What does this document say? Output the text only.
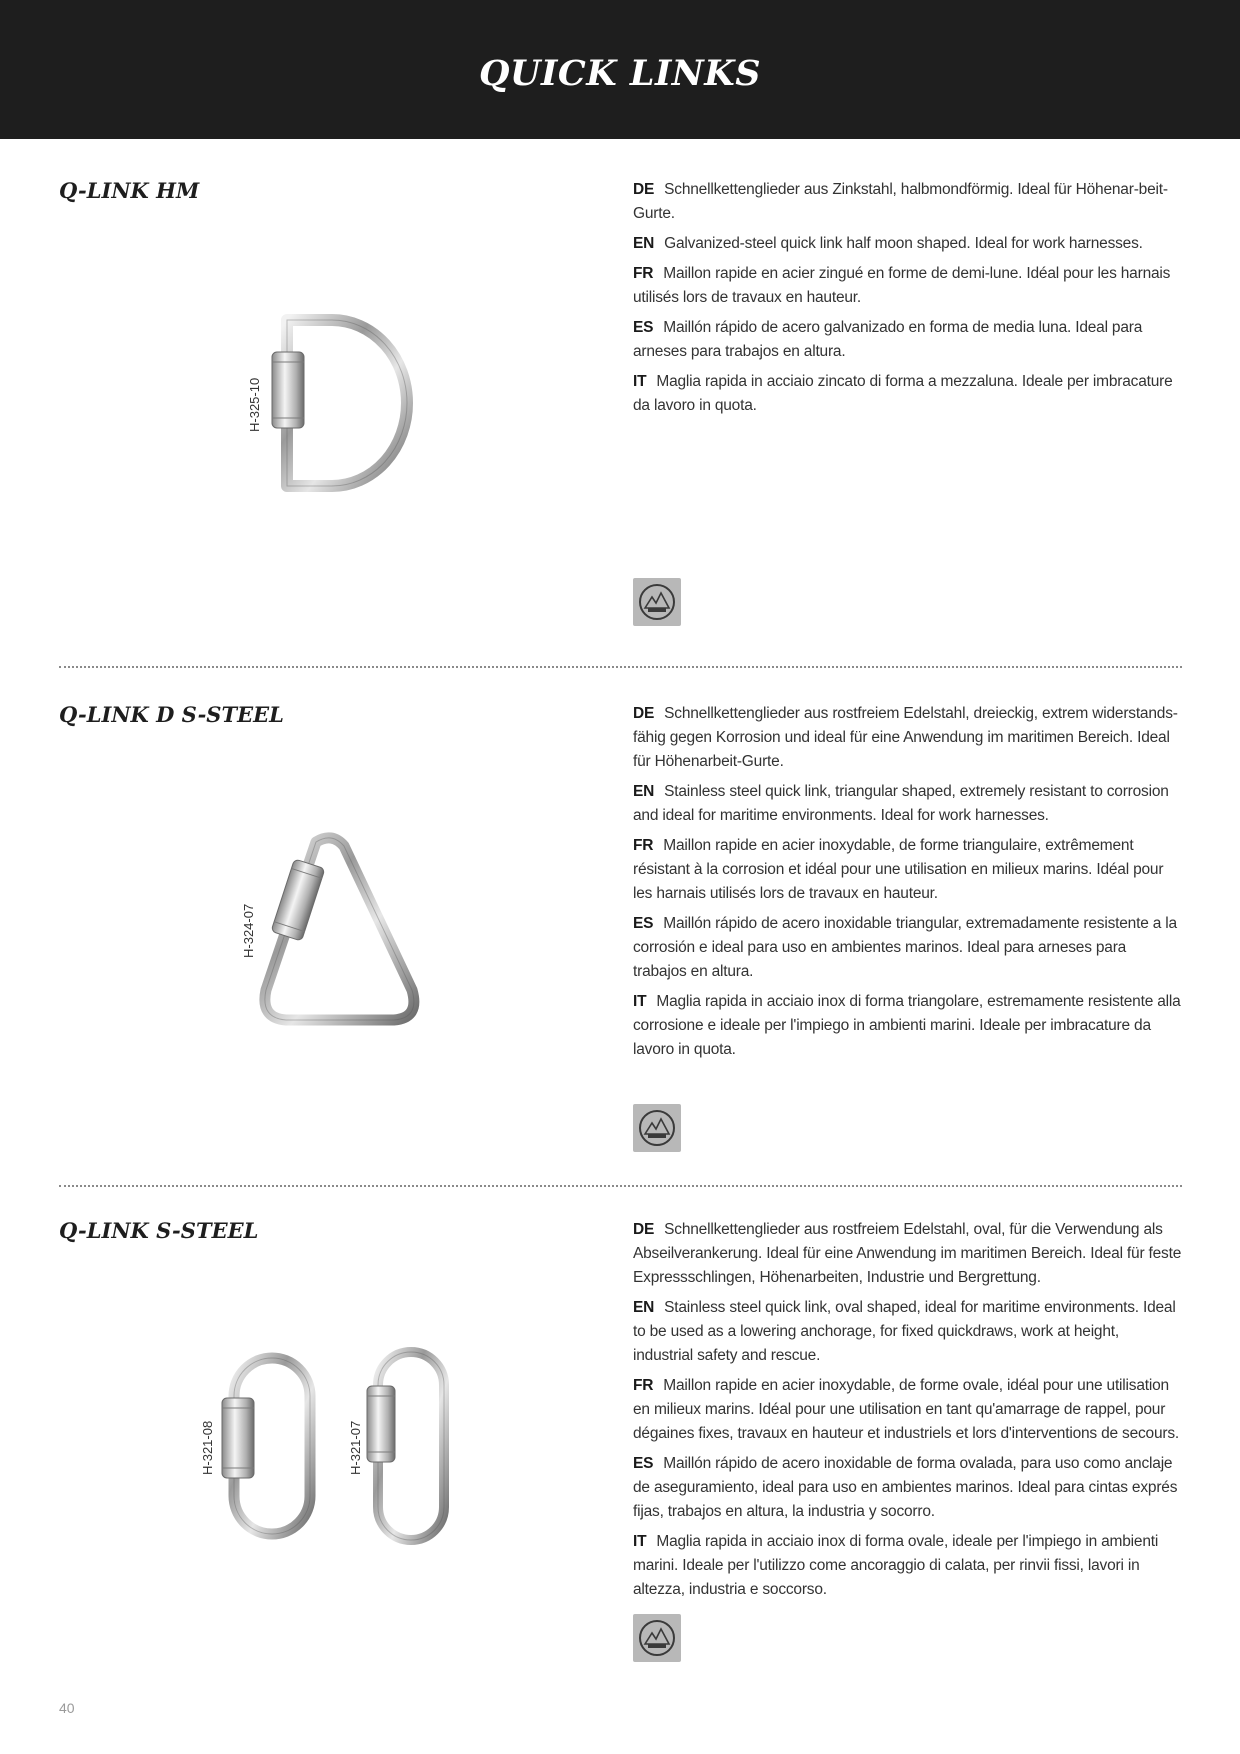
QUICK LINKS
Q-LINK HM
H-325-10

DE Schnellkettenglieder aus Zinkstahl, halbmondförmig. Ideal für Höhenar-beit-Gurte.

EN Galvanized-steel quick link half moon shaped. Ideal for work harnesses.

FR Maillon rapide en acier zingué en forme de demi-lune. Idéal pour les harnais utilisés lors de travaux en hauteur.

ES Maillón rápido de acero galvanizado en forma de media luna. Ideal para arneses para trabajos en altura.

IT Maglia rapida in acciaio zincato di forma a mezzaluna. Ideale per imbracature da lavoro in quota.

Q-LINK D S-STEEL
H-324-07

DE Schnellkettenglieder aus rostfreiem Edelstahl, dreieckig, extrem widerstands-fähig gegen Korrosion und ideal für eine Anwendung im maritimen Bereich. Ideal für Höhenarbeit-Gurte.

EN Stainless steel quick link, triangular shaped, extremely resistant to corrosion and ideal for maritime environments. Ideal for work harnesses.

FR Maillon rapide en acier inoxydable, de forme triangulaire, extrêmement résistant à la corrosion et idéal pour une utilisation en milieux marins. Idéal pour les harnais utilisés lors de travaux en hauteur.

ES Maillón rápido de acero inoxidable triangular, extremadamente resistente a la corrosión e ideal para uso en ambientes marinos. Ideal para arneses para trabajos en altura.

IT Maglia rapida in acciaio inox di forma triangolare, estremamente resistente alla corrosione e ideale per l'impiego in ambienti marini. Ideale per imbracature da lavoro in quota.

Q-LINK S-STEEL
H-321-08	H-321-07

DE Schnellkettenglieder aus rostfreiem Edelstahl, oval, für die Verwendung als Abseilverankerung. Ideal für eine Anwendung im maritimen Bereich. Ideal für feste Expressschlingen, Höhenarbeiten, Industrie und Bergrettung.

EN Stainless steel quick link, oval shaped, ideal for maritime environments. Ideal to be used as a lowering anchorage, for fixed quickdraws, work at height, industrial safety and rescue.

FR Maillon rapide en acier inoxydable, de forme ovale, idéal pour une utilisation en milieux marins. Idéal pour une utilisation en tant qu'amarrage de rappel, pour dégaines fixes, travaux en hauteur et industriels et lors d'interventions de secours.

ES Maillón rápido de acero inoxidable de forma ovalada, para uso como anclaje de aseguramiento, ideal para uso en ambientes marinos. Ideal para cintas exprés fijas, trabajos en altura, la industria y socorro.

IT Maglia rapida in acciaio inox di forma ovale, ideale per l'impiego in ambienti marini. Ideale per l'utilizzo come ancoraggio di calata, per rinvii fissi, lavori in altezza, industria e soccorso.

40
